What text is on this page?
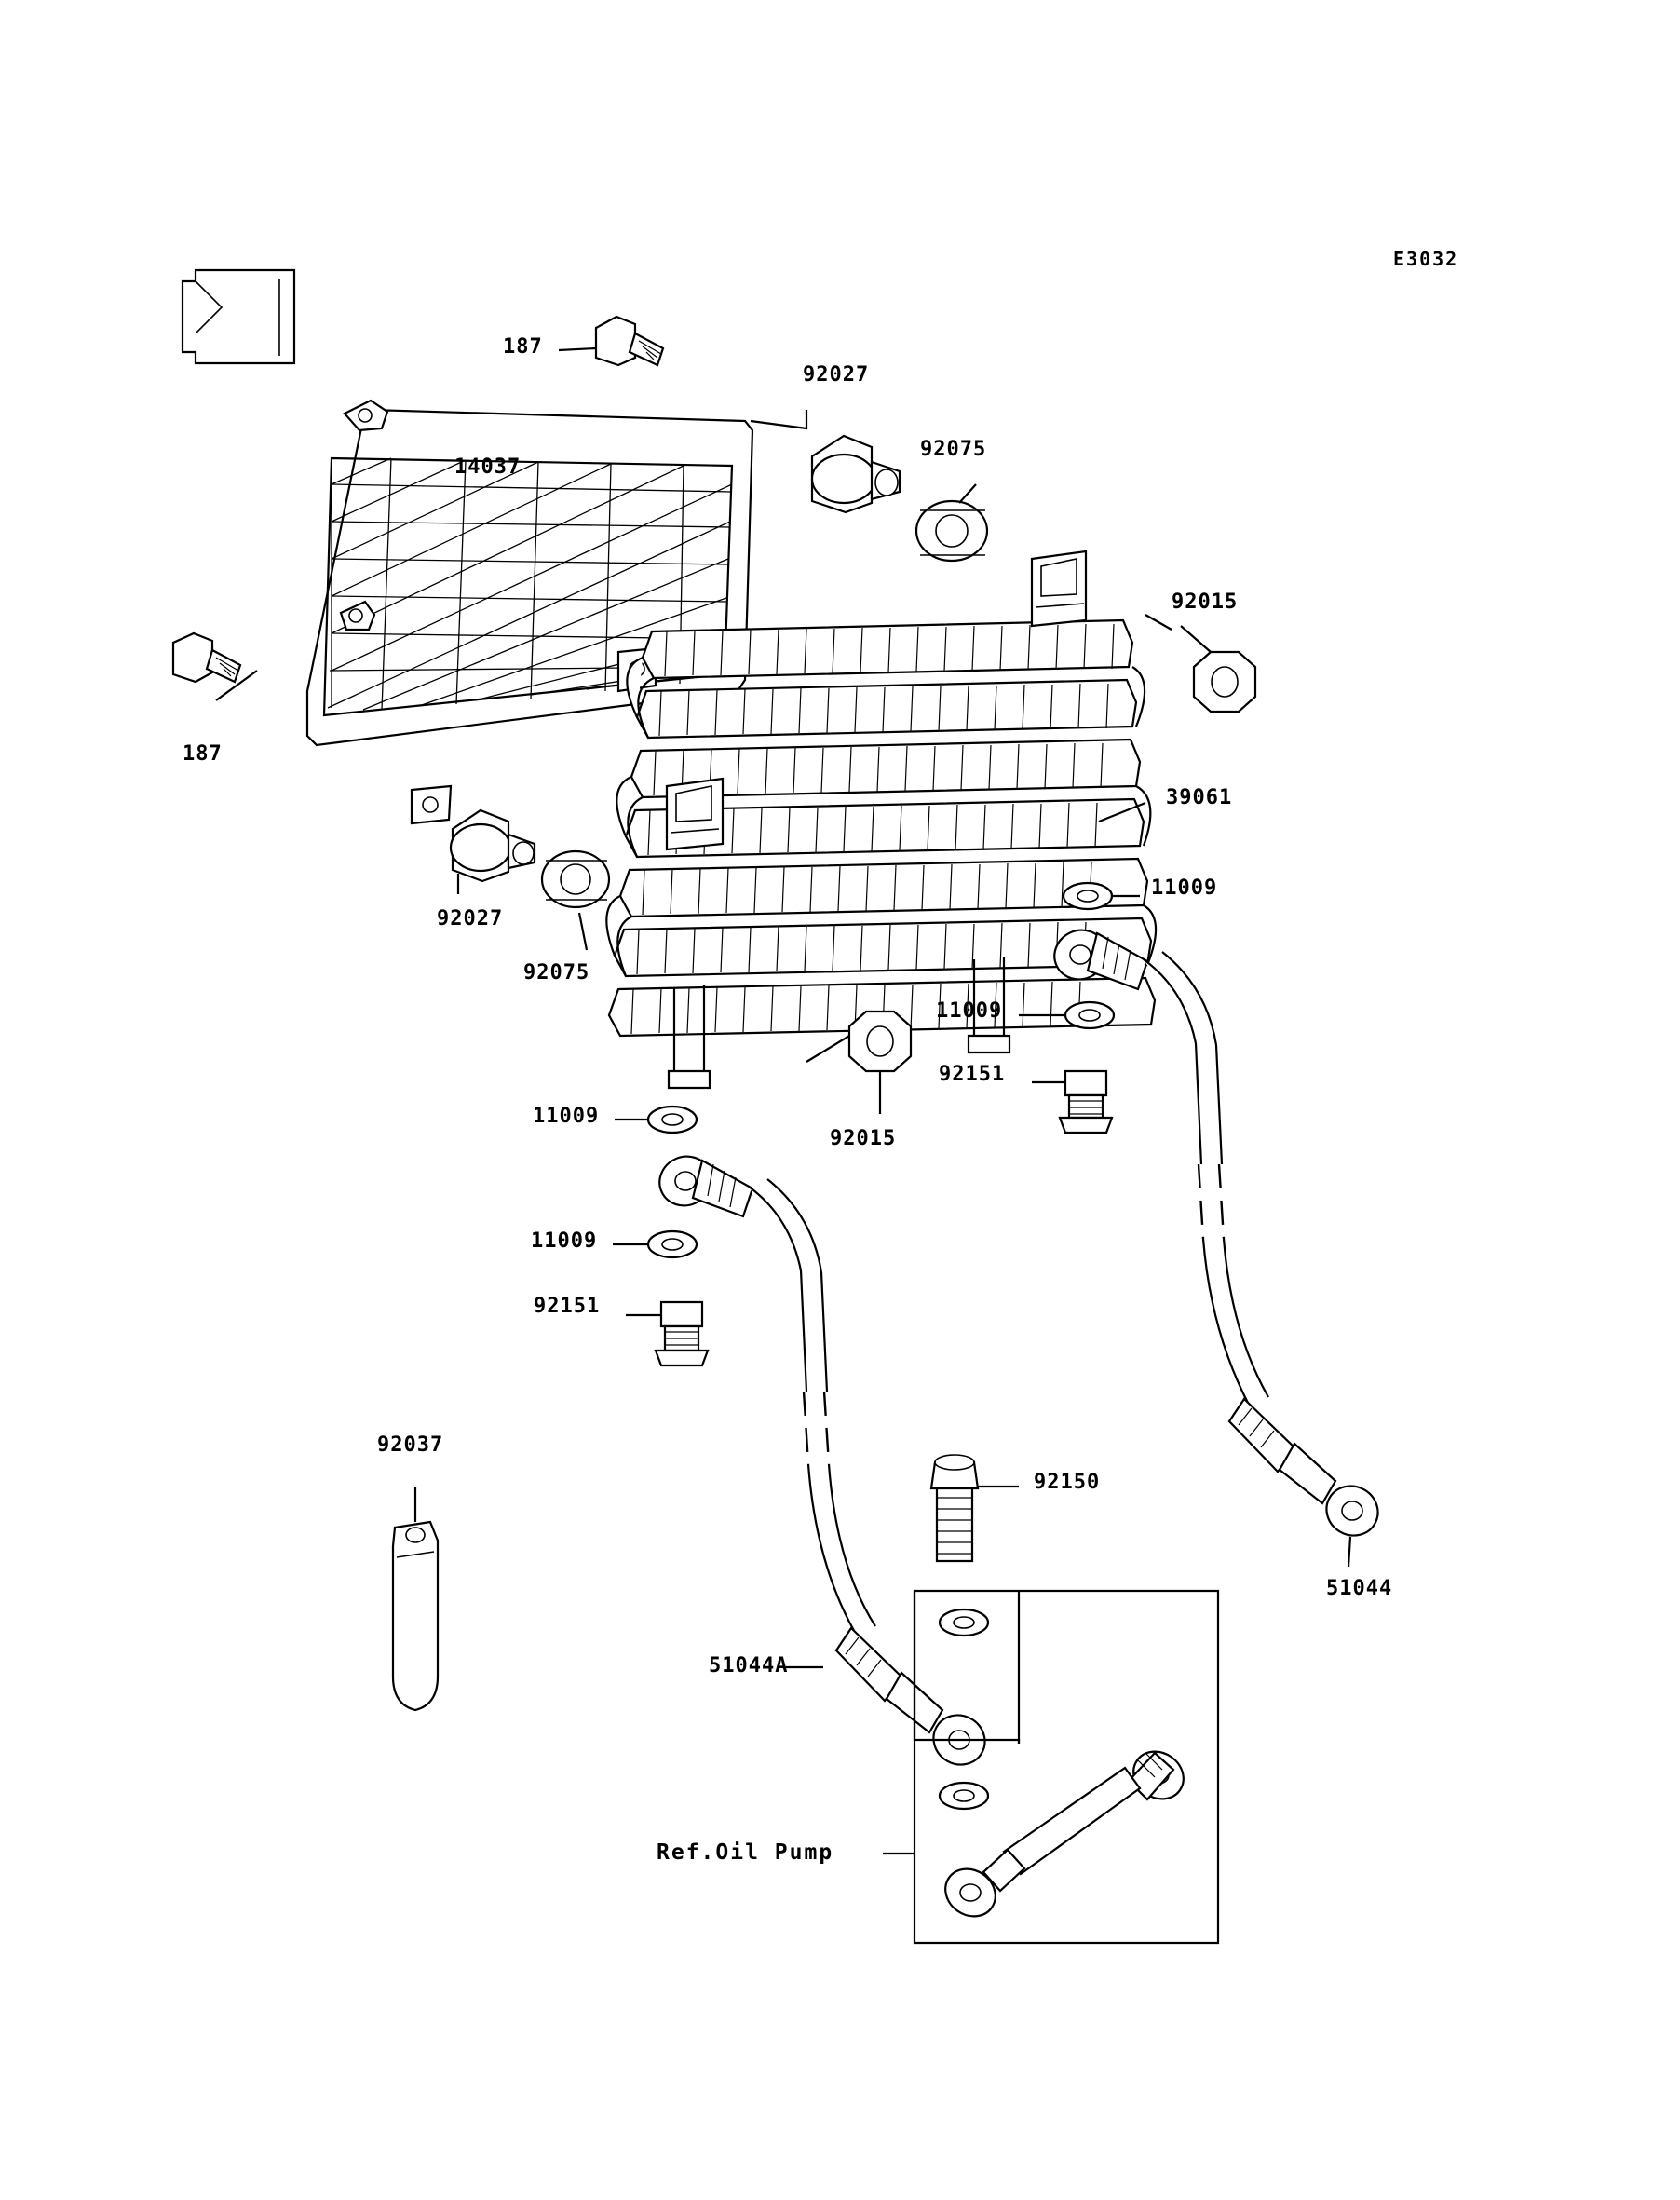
E3032
187
92027
92075
14037
92015
187
39061
11009
92027
92075
11009
92151
11009
92015
11009
92151
92037
92150
51044
51044A
Ref.Oil Pump
